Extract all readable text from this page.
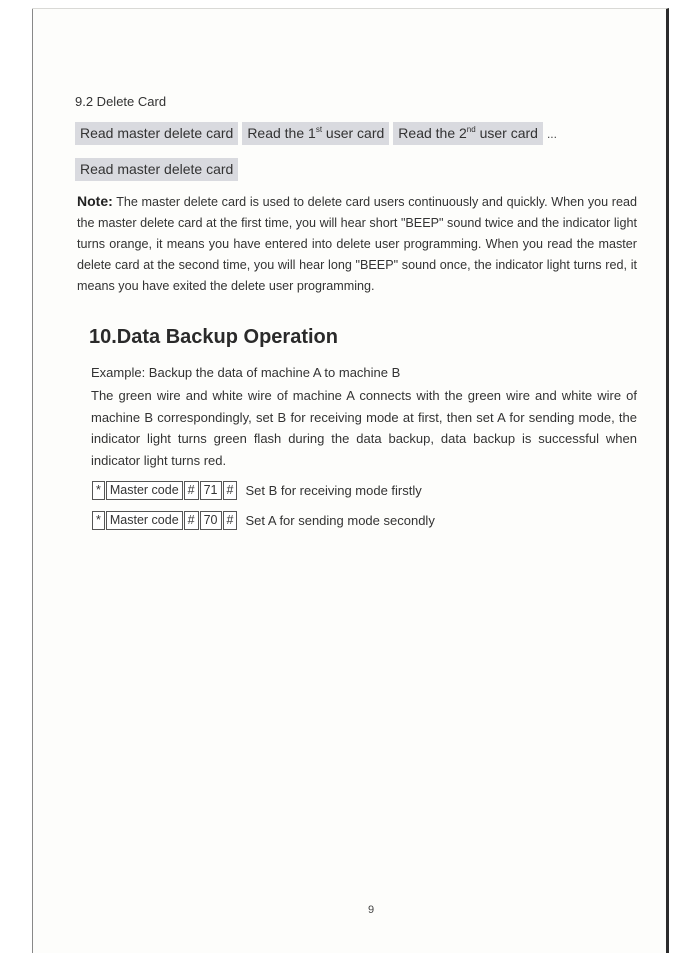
9.2 Delete Card
Read master delete card Read the 1st user card Read the 2nd user card ...
Read master delete card
Note: The master delete card is used to delete card users continuously and quickly. When you read the master delete card at the first time, you will hear short "BEEP" sound twice and the indicator light turns orange, it means you have entered into delete user programming. When you read the master delete card at the second time, you will hear long "BEEP" sound once, the indicator light turns red, it means you have exited the delete user programming.
10.Data Backup Operation
Example: Backup the data of machine A to machine B
The green wire and white wire of machine A connects with the green wire and white wire of machine B correspondingly, set B for receiving mode at first, then set A for sending mode, the indicator light turns green flash during the data backup, data backup is successful when indicator light turns red.
* Master code # 71 # Set B for receiving mode firstly
* Master code # 70 # Set A for sending mode secondly
9
